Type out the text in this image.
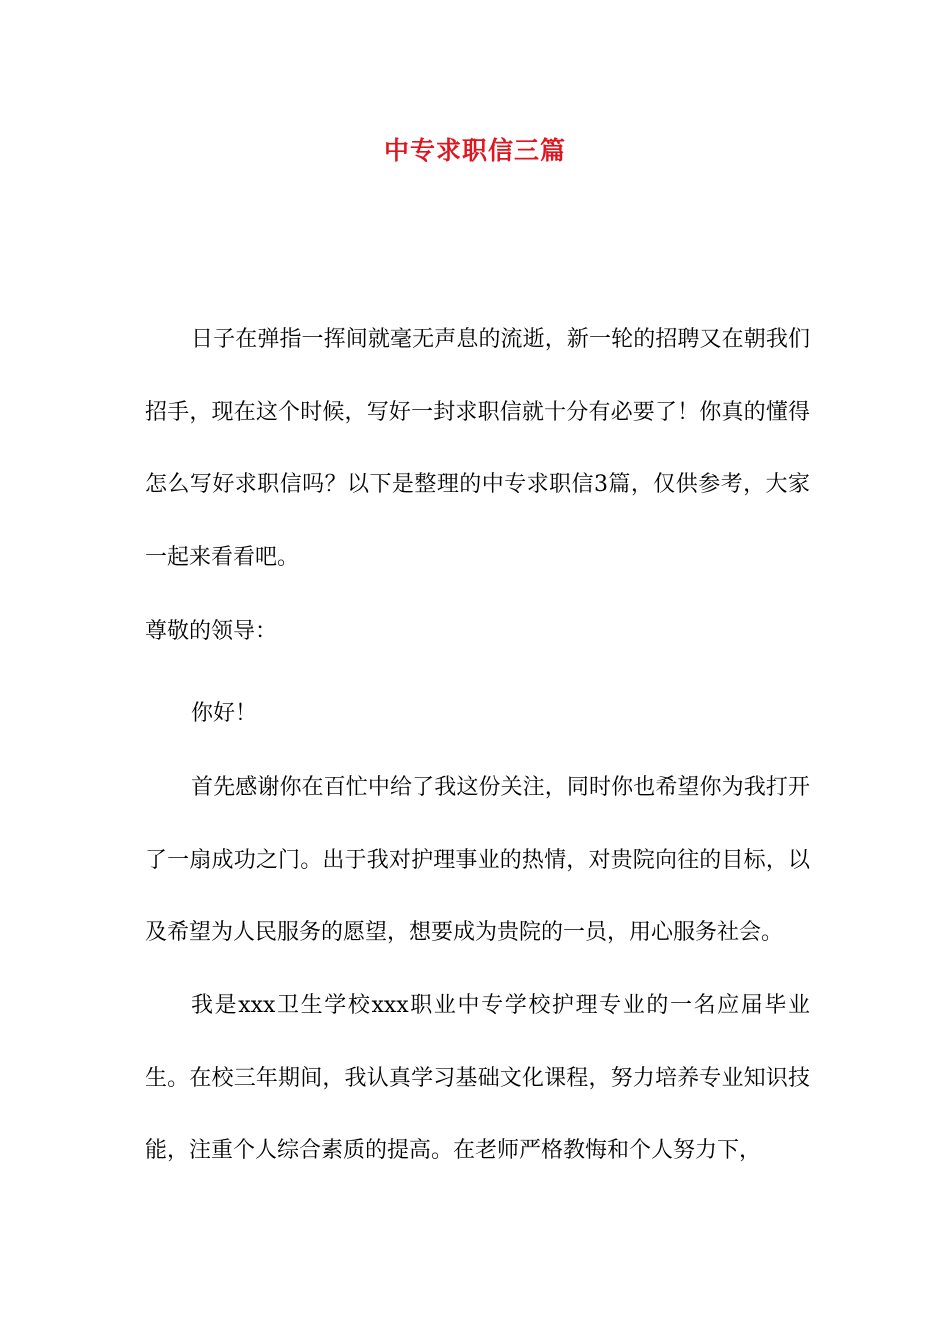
中专求职信三篇

日子在弹指一挥间就毫无声息的流逝，新一轮的招聘又在朝我们招手，现在这个时候，写好一封求职信就十分有必要了！你真的懂得怎么写好求职信吗？以下是整理的中专求职信3篇，仅供参考，大家一起来看看吧。

尊敬的领导：

你好！

首先感谢你在百忙中给了我这份关注，同时你也希望你为我打开了一扇成功之门。出于我对护理事业的热情，对贵院向往的目标，以及希望为人民服务的愿望，想要成为贵院的一员，用心服务社会。

我是xxx卫生学校xxx职业中专学校护理专业的一名应届毕业生。在校三年期间，我认真学习基础文化课程，努力培养专业知识技能，注重个人综合素质的提高。在老师严格教悔和个人努力下，
